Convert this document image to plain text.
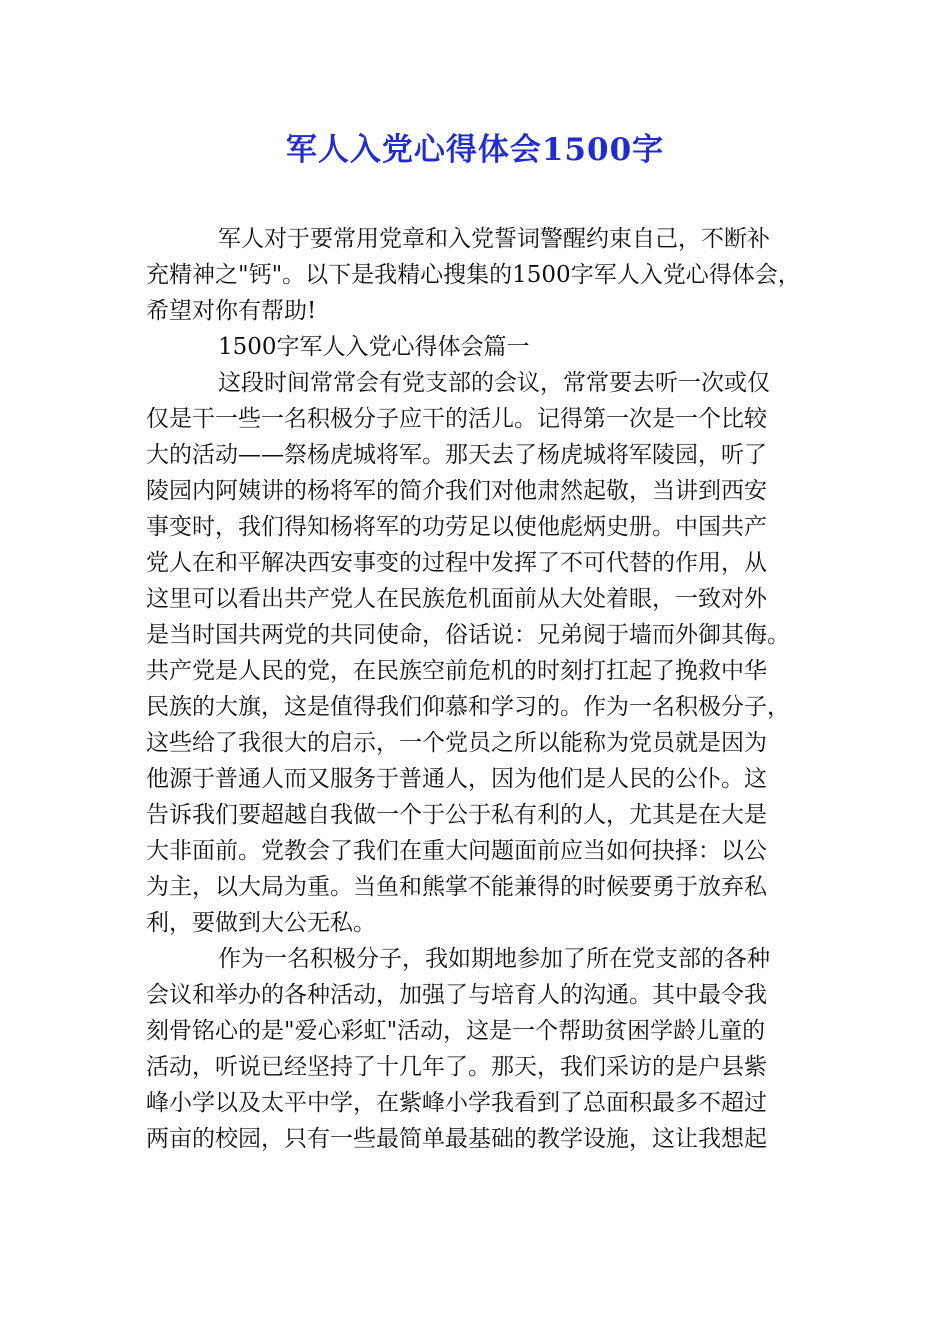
军人入党心得体会1500字
军人对于要常用党章和入党誓词警醒约束自己，不断补
充精神之"钙"。以下是我精心搜集的1500字军人入党心得体会，
希望对你有帮助!
1500字军人入党心得体会篇一
这段时间常常会有党支部的会议，常常要去听一次或仅
仅是干一些一名积极分子应干的活儿。记得第一次是一个比较
大的活动——祭杨虎城将军。那天去了杨虎城将军陵园，听了
陵园内阿姨讲的杨将军的简介我们对他肃然起敬，当讲到西安
事变时，我们得知杨将军的功劳足以使他彪炳史册。中国共产
党人在和平解决西安事变的过程中发挥了不可代替的作用，从
这里可以看出共产党人在民族危机面前从大处着眼，一致对外
是当时国共两党的共同使命，俗话说：兄弟阋于墙而外御其侮。
共产党是人民的党，在民族空前危机的时刻打扛起了挽救中华
民族的大旗，这是值得我们仰慕和学习的。作为一名积极分子，
这些给了我很大的启示，一个党员之所以能称为党员就是因为
他源于普通人而又服务于普通人，因为他们是人民的公仆。这
告诉我们要超越自我做一个于公于私有利的人，尤其是在大是
大非面前。党教会了我们在重大问题面前应当如何抉择：以公
为主，以大局为重。当鱼和熊掌不能兼得的时候要勇于放弃私
利，要做到大公无私。
作为一名积极分子，我如期地参加了所在党支部的各种
会议和举办的各种活动，加强了与培育人的沟通。其中最令我
刻骨铭心的是"爱心彩虹"活动，这是一个帮助贫困学龄儿童的
活动，听说已经坚持了十几年了。那天，我们采访的是户县紫
峰小学以及太平中学，在紫峰小学我看到了总面积最多不超过
两亩的校园，只有一些最简单最基础的教学设施，这让我想起
